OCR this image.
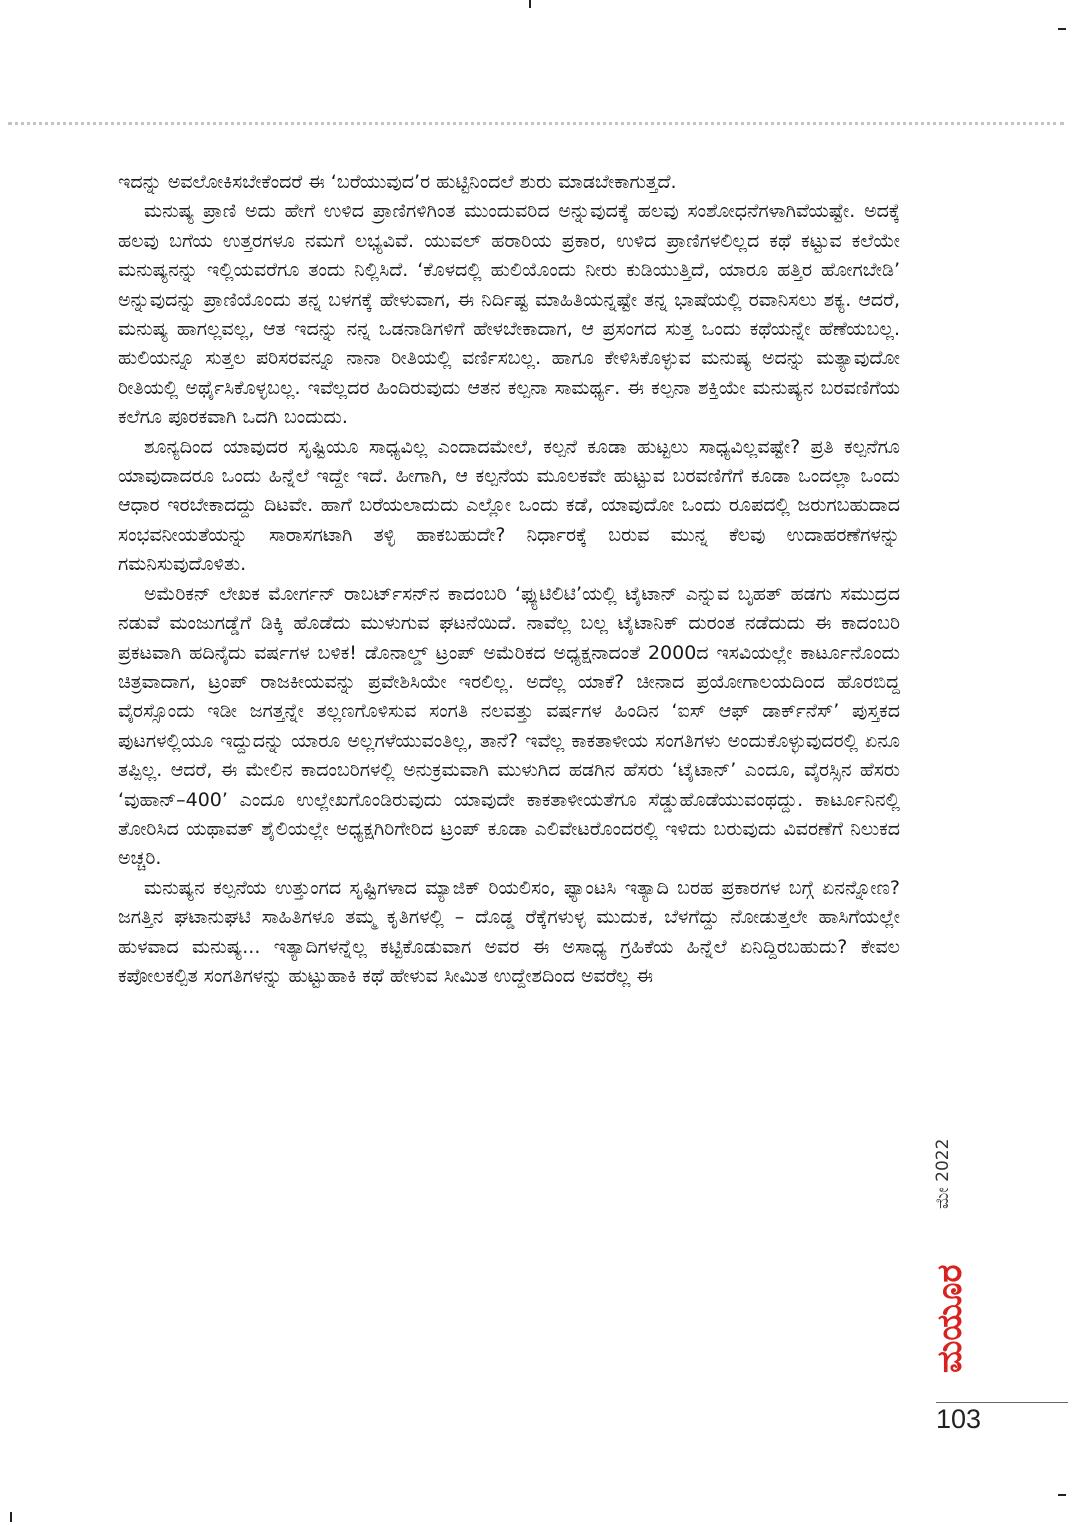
ಇದನ್ನು ಅವಲೋಕಿಸಬೇಕೆಂದರೆ ಈ ‘ಬರೆಯುವುದ’ರ ಹುಟ್ಟಿನಿಂದಲೆ ಶುರು ಮಾಡಬೇಕಾಗುತ್ತದೆ.

ಮನುಷ್ಯ ಪ್ರಾಣಿ ಅದು ಹೇಗೆ ಉಳಿದ ಪ್ರಾಣಿಗಳಿಗಿಂತ ಮುಂದುವರಿದ ಅನ್ನುವುದಕ್ಕೆ ಹಲವು ಸಂಶೋಧನೆಗಳಾಗಿವೆಯಷ್ಟೇ. ಅದಕ್ಕೆ ಹಲವು ಬಗೆಯ ಉತ್ತರಗಳೂ ನಮಗೆ ಲಭ್ಯವಿವೆ. ಯುವಲ್ ಹರಾರಿಯ ಪ್ರಕಾರ, ಉಳಿದ ಪ್ರಾಣಿಗಳಲಿಲ್ಲದ ಕಥೆ ಕಟ್ಟುವ ಕಲೆಯೇ ಮನುಷ್ಯನನ್ನು ಇಲ್ಲಿಯವರೆಗೂ ತಂದು ನಿಲ್ಲಿಸಿದೆ. ‘ಕೊಳದಲ್ಲಿ ಹುಲಿಯೊಂದು ನೀರು ಕುಡಿಯುತ್ತಿದೆ, ಯಾರೂ ಹತ್ತಿರ ಹೋಗಬೇಡಿ’ ಅನ್ನುವುದನ್ನು ಪ್ರಾಣಿಯೊಂದು ತನ್ನ ಬಳಗಕ್ಕೆ ಹೇಳುವಾಗ, ಈ ನಿರ್ದಿಷ್ಟ ಮಾಹಿತಿಯನ್ನಷ್ಟೇ ತನ್ನ ಭಾಷೆಯಲ್ಲಿ ರವಾನಿಸಲು ಶಕ್ಯ. ಆದರೆ, ಮನುಷ್ಯ ಹಾಗಲ್ಲವಲ್ಲ, ಆತ ಇದನ್ನು ನನ್ನ ಒಡನಾಡಿಗಳಿಗೆ ಹೇಳಬೇಕಾದಾಗ, ಆ ಪ್ರಸಂಗದ ಸುತ್ತ ಒಂದು ಕಥೆಯನ್ನೇ ಹೆಣೆಯಬಲ್ಲ. ಹುಲಿಯನ್ನೂ ಸುತ್ತಲ ಪರಿಸರವನ್ನೂ ನಾನಾ ರೀತಿಯಲ್ಲಿ ವರ್ಣಿಸಬಲ್ಲ. ಹಾಗೂ ಕೇಳಿಸಿಕೊಳ್ಳುವ ಮನುಷ್ಯ ಅದನ್ನು ಮತ್ಯಾವುದೋ ರೀತಿಯಲ್ಲಿ ಅರ್ಥೈಸಿಕೊಳ್ಳಬಲ್ಲ. ಇವೆಲ್ಲದರ ಹಿಂದಿರುವುದು ಆತನ ಕಲ್ಪನಾ ಸಾಮರ್ಥ್ಯ. ಈ ಕಲ್ಪನಾ ಶಕ್ತಿಯೇ ಮನುಷ್ಯನ ಬರವಣಿಗೆಯ ಕಲೆಗೂ ಪೂರಕವಾಗಿ ಒದಗಿ ಬಂದುದು.

ಶೂನ್ಯದಿಂದ ಯಾವುದರ ಸೃಷ್ಟಿಯೂ ಸಾಧ್ಯವಿಲ್ಲ ಎಂದಾದಮೇಲೆ, ಕಲ್ಪನೆ ಕೂಡಾ ಹುಟ್ಟಲು ಸಾಧ್ಯವಿಲ್ಲವಷ್ಟೇ? ಪ್ರತಿ ಕಲ್ಪನೆಗೂ ಯಾವುದಾದರೂ ಒಂದು ಹಿನ್ನೆಲೆ ಇದ್ದೇ ಇದೆ. ಹೀಗಾಗಿ, ಆ ಕಲ್ಪನೆಯ ಮೂಲಕವೇ ಹುಟ್ಟುವ ಬರವಣಿಗೆಗೆ ಕೂಡಾ ಒಂದಲ್ಲಾ ಒಂದು ಆಧಾರ ಇರಬೇಕಾದದ್ದು ದಿಟವೇ. ಹಾಗೆ ಬರೆಯಲಾದುದು ಎಲ್ಲೋ ಒಂದು ಕಡೆ, ಯಾವುದೋ ಒಂದು ರೂಪದಲ್ಲಿ ಜರುಗಬಹುದಾದ ಸಂಭವನೀಯತೆಯನ್ನು ಸಾರಾಸಗಟಾಗಿ ತಳ್ಳಿ ಹಾಕಬಹುದೇ? ನಿರ್ಧಾರಕ್ಕೆ ಬರುವ ಮುನ್ನ ಕೆಲವು ಉದಾಹರಣೆಗಳನ್ನು ಗಮನಿಸುವುದೊಳಿತು.

ಅಮೆರಿಕನ್ ಲೇಖಕ ಮೋರ್ಗನ್ ರಾಬರ್ಟ್‌ಸನ್‌ನ ಕಾದಂಬರಿ ‘ಫ್ಯುಟಿಲಿಟಿ’ಯಲ್ಲಿ ಟೈಟಾನ್ ಎನ್ನುವ ಬೃಹತ್ ಹಡಗು ಸಮುದ್ರದ ನಡುವೆ ಮಂಜುಗಡ್ಡೆಗೆ ಡಿಕ್ಕಿ ಹೊಡೆದು ಮುಳುಗುವ ಘಟನೆಯಿದೆ. ನಾವೆಲ್ಲ ಬಲ್ಲ ಟೈಟಾನಿಕ್ ದುರಂತ ನಡೆದುದು ಈ ಕಾದಂಬರಿ ಪ್ರಕಟವಾಗಿ ಹದಿನೈದು ವರ್ಷಗಳ ಬಳಿಕ! ಡೊನಾಲ್ಡ್ ಟ್ರಂಪ್ ಅಮೆರಿಕದ ಅಧ್ಯಕ್ಷನಾದಂತೆ 2000ದ ಇಸವಿಯಲ್ಲೇ ಕಾರ್ಟೂನೊಂದು ಚಿತ್ರವಾದಾಗ, ಟ್ರಂಪ್ ರಾಜಕೀಯವನ್ನು ಪ್ರವೇಶಿಸಿಯೇ ಇರಲಿಲ್ಲ. ಅದೆಲ್ಲ ಯಾಕೆ? ಚೀನಾದ ಪ್ರಯೋಗಾಲಯದಿಂದ ಹೊರಬಿದ್ದ ವೈರಸ್ಸೊಂದು ಇಡೀ ಜಗತ್ತನ್ನೇ ತಲ್ಲಣಗೊಳಿಸುವ ಸಂಗತಿ ನಲವತ್ತು ವರ್ಷಗಳ ಹಿಂದಿನ ‘ಐಸ್ ಆಫ್ ಡಾರ್ಕ್‌ನೆಸ್’ ಪುಸ್ತಕದ ಪುಟಗಳಲ್ಲಿಯೂ ಇದ್ದುದನ್ನು ಯಾರೂ ಅಲ್ಲಗಳೆಯುವಂತಿಲ್ಲ, ತಾನೆ? ಇವೆಲ್ಲ ಕಾಕತಾಳೀಯ ಸಂಗತಿಗಳು ಅಂದುಕೊಳ್ಳುವುದರಲ್ಲಿ ಏನೂ ತಪ್ಪಿಲ್ಲ. ಆದರೆ, ಈ ಮೇಲಿನ ಕಾದಂಬರಿಗಳಲ್ಲಿ ಅನುಕ್ರಮವಾಗಿ ಮುಳುಗಿದ ಹಡಗಿನ ಹೆಸರು ‘ಟೈಟಾನ್’ ಎಂದೂ, ವೈರಸ್ಸಿನ ಹೆಸರು ‘ವುಹಾನ್–400’ ಎಂದೂ ಉಲ್ಲೇಖಗೊಂಡಿರುವುದು ಯಾವುದೇ ಕಾಕತಾಳೀಯತೆಗೂ ಸೆಡ್ಡುಹೊಡೆಯುವಂಥದ್ದು. ಕಾರ್ಟೂನಿನಲ್ಲಿ ತೋರಿಸಿದ ಯಥಾವತ್ ಶೈಲಿಯಲ್ಲೇ ಅಧ್ಯಕ್ಷಗಿರಿಗೇರಿದ ಟ್ರಂಪ್ ಕೂಡಾ ಎಲಿವೇಟರೊಂದರಲ್ಲಿ ಇಳಿದು ಬರುವುದು ವಿವರಣೆಗೆ ನಿಲುಕದ ಅಚ್ಚರಿ.

ಮನುಷ್ಯನ ಕಲ್ಪನೆಯ ಉತ್ತುಂಗದ ಸೃಷ್ಟಿಗಳಾದ ಮ್ಯಾಜಿಕ್ ರಿಯಲಿಸಂ, ಫ್ಯಾಂಟಸಿ ಇತ್ಯಾದಿ ಬರಹ ಪ್ರಕಾರಗಳ ಬಗ್ಗೆ ಏನನ್ನೋಣ? ಜಗತ್ತಿನ ಘಟಾನುಘಟಿ ಸಾಹಿತಿಗಳೂ ತಮ್ಮ ಕೃತಿಗಳಲ್ಲಿ – ದೊಡ್ಡ ರೆಕ್ಕೆಗಳುಳ್ಳ ಮುದುಕ, ಬೆಳಗೆದ್ದು ನೋಡುತ್ತಲೇ ಹಾಸಿಗೆಯಲ್ಲೇ ಹುಳವಾದ ಮನುಷ್ಯ... ಇತ್ಯಾದಿಗಳನ್ನೆಲ್ಲ ಕಟ್ಟಿಕೊಡುವಾಗ ಅವರ ಈ ಅಸಾಧ್ಯ ಗ್ರಹಿಕೆಯ ಹಿನ್ನೆಲೆ ಏನಿದ್ದಿರಬಹುದು? ಕೇವಲ ಕಪೋಲಕಲ್ಪಿತ ಸಂಗತಿಗಳನ್ನು ಹುಟ್ಟುಹಾಕಿ ಕಥೆ ಹೇಳುವ ಸೀಮಿತ ಉದ್ದೇಶದಿಂದ ಅವರೆಲ್ಲ ಈ

ಮೇ 2022
ಮಯೂರ
103
